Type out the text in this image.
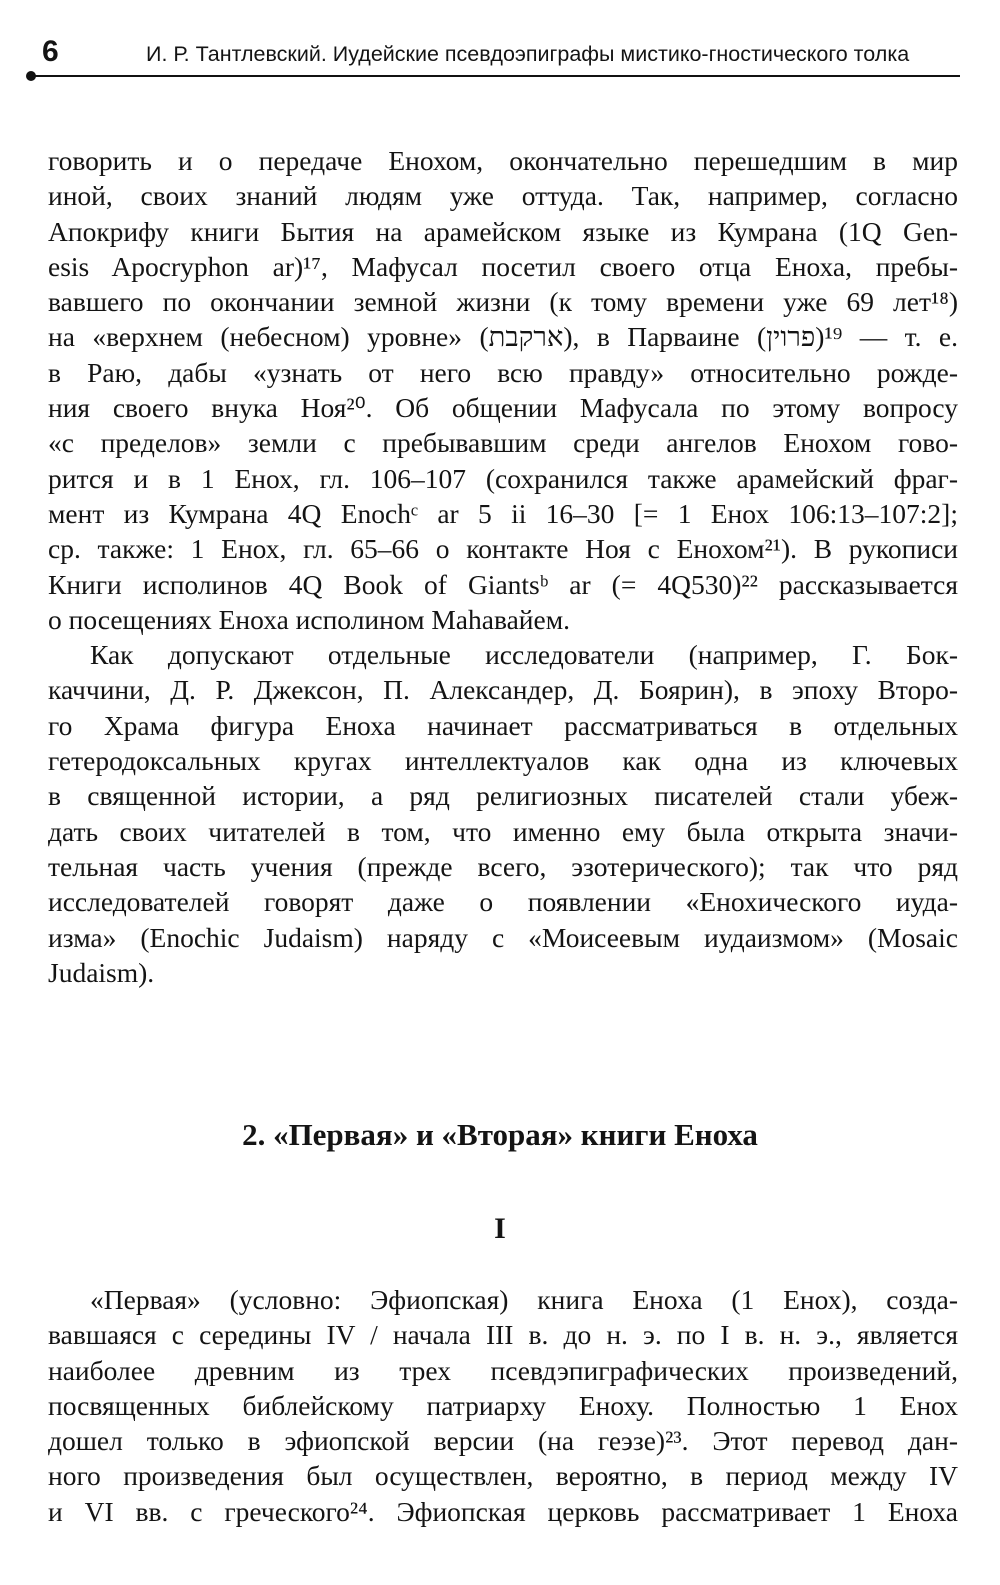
6	И. Р. Тантлевский. Иудейские псевдоэпиграфы мистико-гностического толка
говорить и о передаче Енохом, окончательно перешедшим в мир
иной, своих знаний людям уже оттуда. Так, например, согласно
Апокрифу книги Бытия на арамейском языке из Кумрана (1Q Gen-
esis Apocryphon ar)¹⁷, Мафусал посетил своего отца Еноха, пребы-
вавшего по окончании земной жизни (к тому времени уже 69 лет¹⁸)
на «верхнем (небесном) уровне» (ארקבת), в Парваине (פרוין)¹⁹ — т. е.
в Раю, дабы «узнать от него всю правду» относительно рожде-
ния своего внука Ноя²⁰. Об общении Мафусала по этому вопросу
«с пределов» земли с пребывавшим среди ангелов Енохом гово-
рится и в 1 Енох, гл. 106–107 (сохранился также арамейский фраг-
мент из Кумрана 4Q Enochᶜ ar 5 ii 16–30 [= 1 Енох 106:13–107:2];
ср. также: 1 Енох, гл. 65–66 о контакте Ноя с Енохом²¹). В рукописи
Книги исполинов 4Q Book of Giantsᵇ ar (= 4Q530)²² рассказывается
о посещениях Еноха исполином Маhавайем.
Как допускают отдельные исследователи (например, Г. Бок-
каччини, Д. Р. Джексон, П. Александер, Д. Боярин), в эпоху Второ-
го Храма фигура Еноха начинает рассматриваться в отдельных
гетеродоксальных кругах интеллектуалов как одна из ключевых
в священной истории, а ряд религиозных писателей стали убеж-
дать своих читателей в том, что именно ему была открыта значи-
тельная часть учения (прежде всего, эзотерического); так что ряд
исследователей говорят даже о появлении «Енохического иуда-
изма» (Enochic Judaism) наряду с «Моисеевым иудаизмом» (Mosaic
Judaism).
2. «Первая» и «Вторая» книги Еноха
I
«Первая» (условно: Эфиопская) книга Еноха (1 Енох), созда-
вавшаяся с середины IV / начала III в. до н. э. по I в. н. э., является
наиболее древним из трех псевдэпиграфических произведений,
посвященных библейскому патриарху Еноху. Полностью 1 Енох
дошел только в эфиопской версии (на геэзе)²³. Этот перевод дан-
ного произведения был осуществлен, вероятно, в период между IV
и VI вв. с греческого²⁴. Эфиопская церковь рассматривает 1 Еноха
